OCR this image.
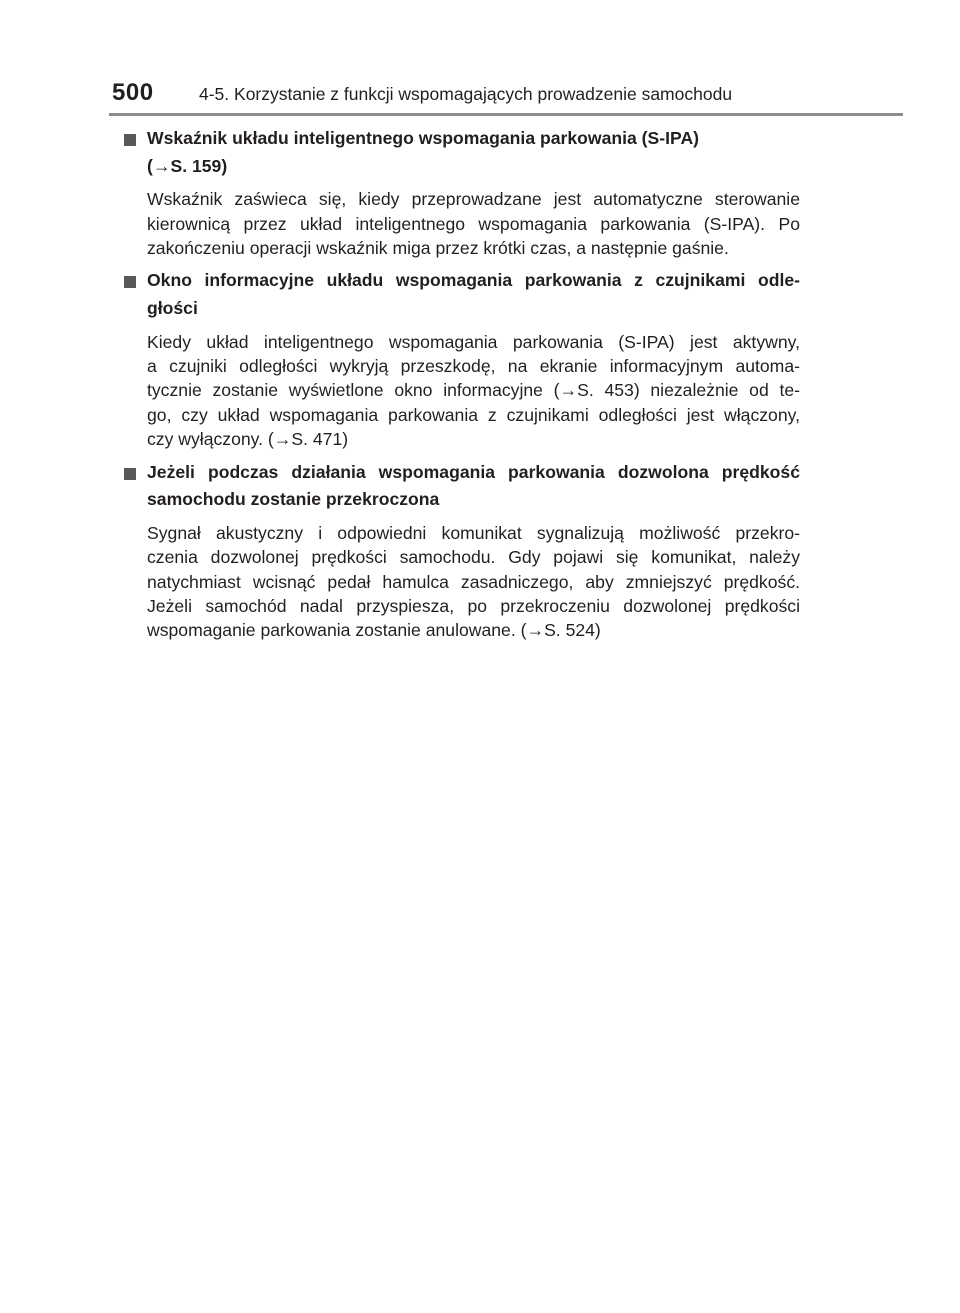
500	4-5. Korzystanie z funkcji wspomagających prowadzenie samochodu
Wskaźnik układu inteligentnego wspomagania parkowania (S-IPA)
(→S. 159)
Wskaźnik zaświeca się, kiedy przeprowadzane jest automatyczne sterowanie
kierownicą przez układ inteligentnego wspomagania parkowania (S-IPA). Po
zakończeniu operacji wskaźnik miga przez krótki czas, a następnie gaśnie.
Okno informacyjne układu wspomagania parkowania z czujnikami odle-
głości
Kiedy układ inteligentnego wspomagania parkowania (S-IPA) jest aktywny,
a czujniki odległości wykryją przeszkodę, na ekranie informacyjnym automa-
tycznie zostanie wyświetlone okno informacyjne (→S. 453) niezależnie od te-
go, czy układ wspomagania parkowania z czujnikami odległości jest włączony,
czy wyłączony. (→S. 471)
Jeżeli podczas działania wspomagania parkowania dozwolona prędkość
samochodu zostanie przekroczona
Sygnał akustyczny i odpowiedni komunikat sygnalizują możliwość przekro-
czenia dozwolonej prędkości samochodu. Gdy pojawi się komunikat, należy
natychmiast wcisnąć pedał hamulca zasadniczego, aby zmniejszyć prędkość.
Jeżeli samochód nadal przyspiesza, po przekroczeniu dozwolonej prędkości
wspomaganie parkowania zostanie anulowane. (→S. 524)
